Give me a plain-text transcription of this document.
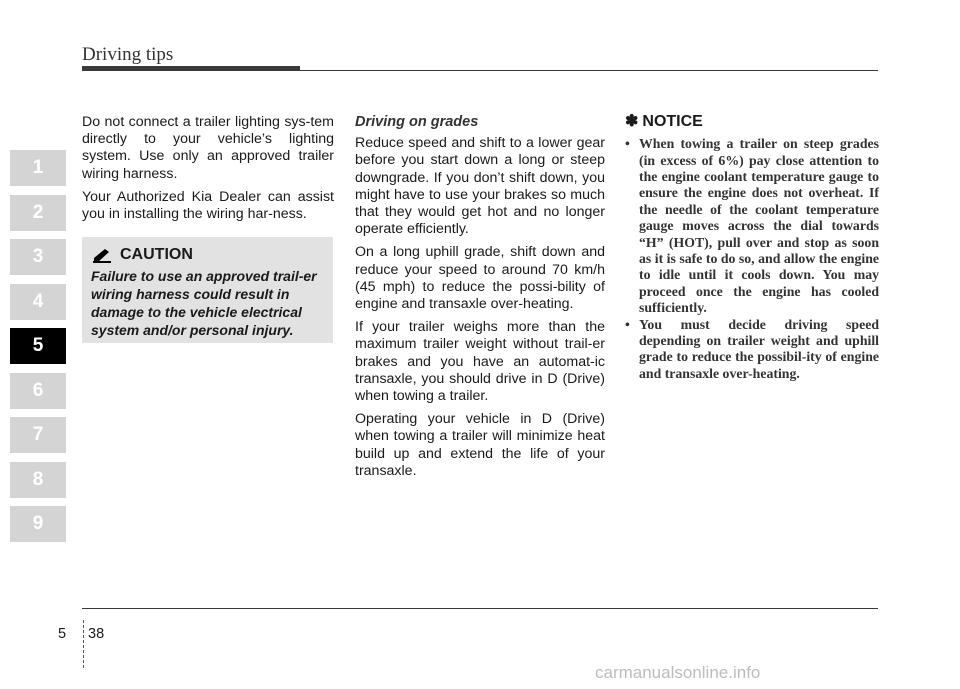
Driving tips
1
2
3
4
5
6
7
8
9

Do not connect a trailer lighting sys-tem directly to your vehicle’s lighting system. Use only an approved trailer wiring harness.

Your Authorized Kia Dealer can assist you in installing the wiring har-ness.

CAUTION
Failure to use an approved trail-er wiring harness could result in damage to the vehicle electrical system and/or personal injury.
Driving on grades

Reduce speed and shift to a lower gear before you start down a long or steep downgrade. If you don’t shift down, you might have to use your brakes so much that they would get hot and no longer operate efficiently.

On a long uphill grade, shift down and reduce your speed to around 70 km/h (45 mph) to reduce the possi-bility of engine and transaxle over-heating.

If your trailer weighs more than the maximum trailer weight without trail-er brakes and you have an automat-ic transaxle, you should drive in D (Drive) when towing a trailer.

Operating your vehicle in D (Drive) when towing a trailer will minimize heat build up and extend the life of your transaxle.

✽ NOTICE
• When towing a trailer on steep grades (in excess of 6%) pay close attention to the engine coolant temperature gauge to ensure the engine does not overheat. If the needle of the coolant temperature gauge moves across the dial towards “H” (HOT), pull over and stop as soon as it is safe to do so, and allow the engine to idle until it cools down. You may proceed once the engine has cooled sufficiently.
• You must decide driving speed depending on trailer weight and uphill grade to reduce the possibil-ity of engine and transaxle over-heating.
5 38
carmanualsonline.info
